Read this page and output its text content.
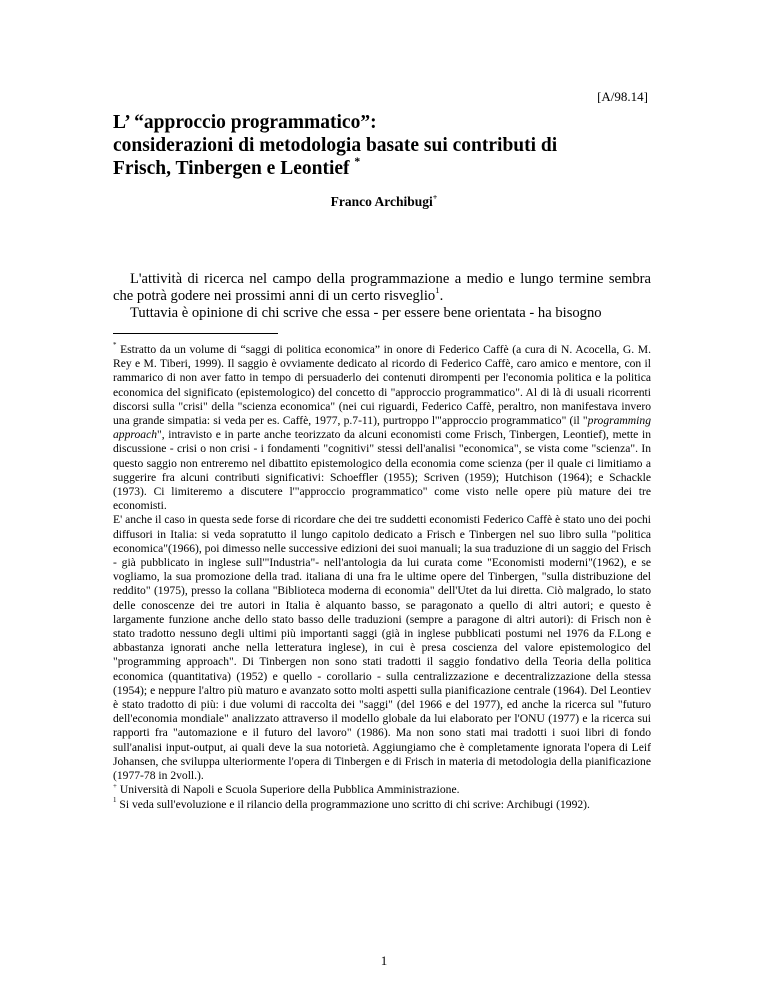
[A/98.14]
L’ “approccio programmatico”:
considerazioni di metodologia basate sui contributi di
Frisch, Tinbergen e Leontief *
Franco Archibugi+

L'attività di ricerca nel campo della programmazione a medio e lungo termine sembra che potrà godere nei prossimi anni di un certo risveglio$^1$.

Tuttavia è opinione di chi scrive che essa - per essere bene orientata - ha bisogno

* Estratto da un volume di “saggi di politica economica” in onore di Federico Caffè (a cura di N. Acocella, G. M. Rey e M. Tiberi, 1999). Il saggio è ovviamente dedicato al ricordo di Federico Caffè, caro amico e mentore, con il rammarico di non aver fatto in tempo di persuaderlo dei contenuti dirompenti per l'economia politica e la politica economica del significato (epistemologico) del concetto di "approccio programmatico". Al di là di usuali ricorrenti discorsi sulla "crisi" della "scienza economica" (nei cui riguardi, Federico Caffè, peraltro, non manifestava invero una grande simpatia: si veda per es. Caffè, 1977, p.7-11), purtroppo l'"approccio programmatico" (il "programming approach", intravisto e in parte anche teorizzato da alcuni economisti come Frisch, Tinbergen, Leontief), mette in discussione - crisi o non crisi - i fondamenti "cognitivi" stessi dell'analisi "economica", se vista come "scienza". In questo saggio non entreremo nel dibattito epistemologico della economia come scienza (per il quale ci limitiamo a suggerire fra alcuni contributi significativi: Schoeffler (1955); Scriven (1959); Hutchison (1964); e Schackle (1973). Ci limiteremo a discutere l'"approccio programmatico" come visto nelle opere più mature dei tre economisti.

E' anche il caso in questa sede forse di ricordare che dei tre suddetti economisti Federico Caffè è stato uno dei pochi diffusori in Italia: si veda sopratutto il lungo capitolo dedicato a Frisch e Tinbergen nel suo libro sulla "politica economica"(1966), poi dimesso nelle successive edizioni dei suoi manuali; la sua traduzione di un saggio del Frisch - già pubblicato in inglese sull'"Industria"- nell'antologia da lui curata come "Economisti moderni"(1962), e se vogliamo, la sua promozione della trad. italiana di una fra le ultime opere del Tinbergen, "sulla distribuzione del reddito" (1975), presso la collana "Biblioteca moderna di economia" dell'Utet da lui diretta. Ciò malgrado, lo stato delle conoscenze dei tre autori in Italia è alquanto basso, se paragonato a quello di altri autori; e questo è largamente funzione anche dello stato basso delle traduzioni (sempre a paragone di altri autori): di Frisch non è stato tradotto nessuno degli ultimi più importanti saggi (già in inglese pubblicati postumi nel 1976 da F.Long e abbastanza ignorati anche nella letteratura inglese), in cui è presa coscienza del valore epistemologico del "programming approach". Di Tinbergen non sono stati tradotti il saggio fondativo della Teoria della politica economica (quantitativa) (1952) e quello - corollario - sulla centralizzazione e decentralizzazione della stessa (1954); e neppure l'altro più maturo e avanzato sotto molti aspetti sulla pianificazione centrale (1964). Del Leontiev è stato tradotto di più: i due volumi di raccolta dei "saggi" (del 1966 e del 1977), ed anche la ricerca sul "futuro dell'economia mondiale" analizzato attraverso il modello globale da lui elaborato per l'ONU (1977) e la ricerca sui rapporti fra "automazione e il futuro del lavoro" (1986). Ma non sono stati mai tradotti i suoi libri di fondo sull'analisi input-output, ai quali deve la sua notorietà. Aggiungiamo che è completamente ignorata l'opera di Leif Johansen, che sviluppa ulteriormente l'opera di Tinbergen e di Frisch in materia di metodologia della pianificazione (1977-78 in 2voll.).

+ Università di Napoli e Scuola Superiore della Pubblica Amministrazione.

$^1$ Si veda sull'evoluzione e il rilancio della programmazione uno scritto di chi scrive: Archibugi (1992).

1
